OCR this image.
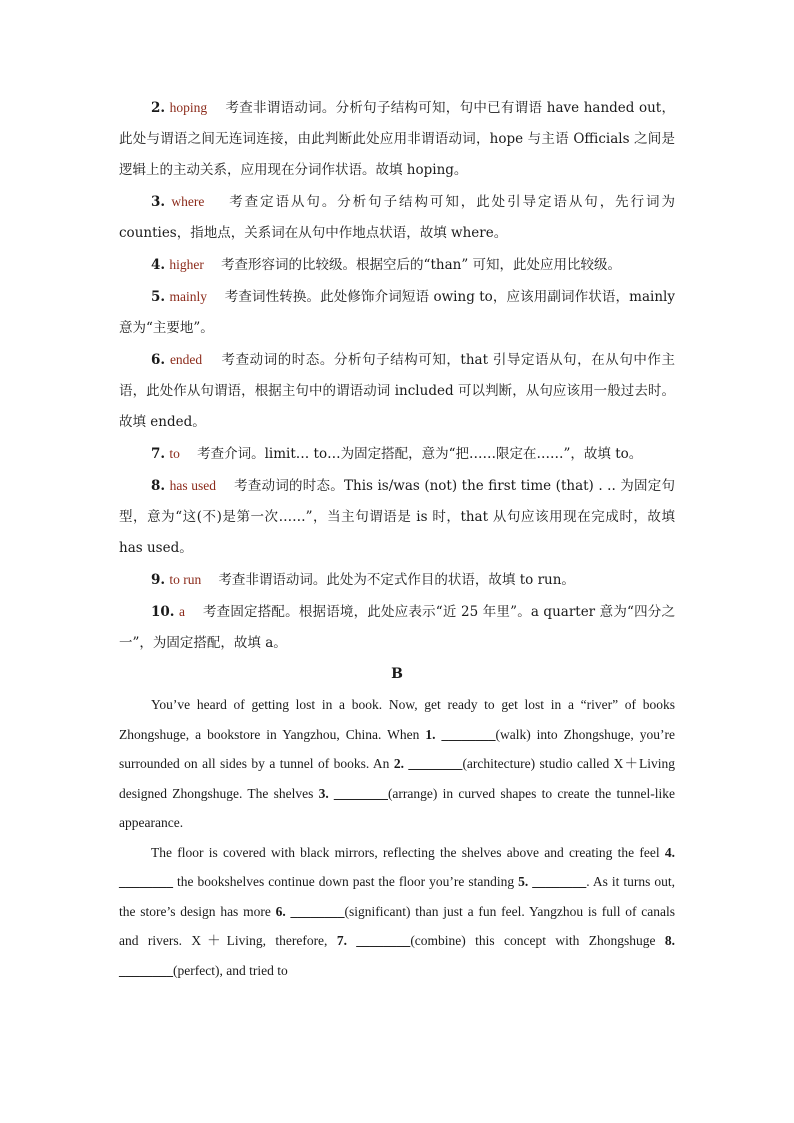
2. hoping 考查非谓语动词。分析句子结构可知，句中已有谓语 have handed out，此处与谓语之间无连词连接，由此判断此处应用非谓语动词，hope 与主语 Officials 之间是逻辑上的主动关系，应用现在分词作状语。故填 hoping。

3. where 考查定语从句。分析句子结构可知，此处引导定语从句，先行词为 counties，指地点，关系词在从句中作地点状语，故填 where。

4. higher 考查形容词的比较级。根据空后的“than” 可知，此处应用比较级。

5. mainly 考查词性转换。此处修饰介词短语 owing to，应该用副词作状语，mainly 意为“主要地”。

6. ended 考查动词的时态。分析句子结构可知，that 引导定语从句，在从句中作主语，此处作从句谓语，根据主句中的谓语动词 included 可以判断，从句应该用一般过去时。故填 ended。

7. to 考查介词。limit… to…为固定搭配，意为“把……限定在……”，故填 to。

8. has used 考查动词的时态。This is/was (not) the first time (that) . .. 为固定句型，意为“这(不)是第一次……”，当主句谓语是 is 时，that 从句应该用现在完成时，故填 has used。

9. to run 考查非谓语动词。此处为不定式作目的状语，故填 to run。

10. a 考查固定搭配。根据语境，此处应表示“近 25 年里”。a quarter 意为“四分之一”，为固定搭配，故填 a。

B

You’ve heard of getting lost in a book. Now, get ready to get lost in a “river” of books Zhongshuge, a bookstore in Yangzhou, China. When 1. ________(walk) into Zhongshuge, you’re surrounded on all sides by a tunnel of books. An 2. ________(architecture) studio called X＋Living designed Zhongshuge. The shelves 3. ________(arrange) in curved shapes to create the tunnel-like appearance.

The floor is covered with black mirrors, reflecting the shelves above and creating the feel 4. ________ the bookshelves continue down past the floor you’re standing 5. ________. As it turns out, the store’s design has more 6. ________(significant) than just a fun feel. Yangzhou is full of canals and rivers. X＋Living, therefore, 7. ________(combine) this concept with Zhongshuge 8. ________(perfect), and tried to
